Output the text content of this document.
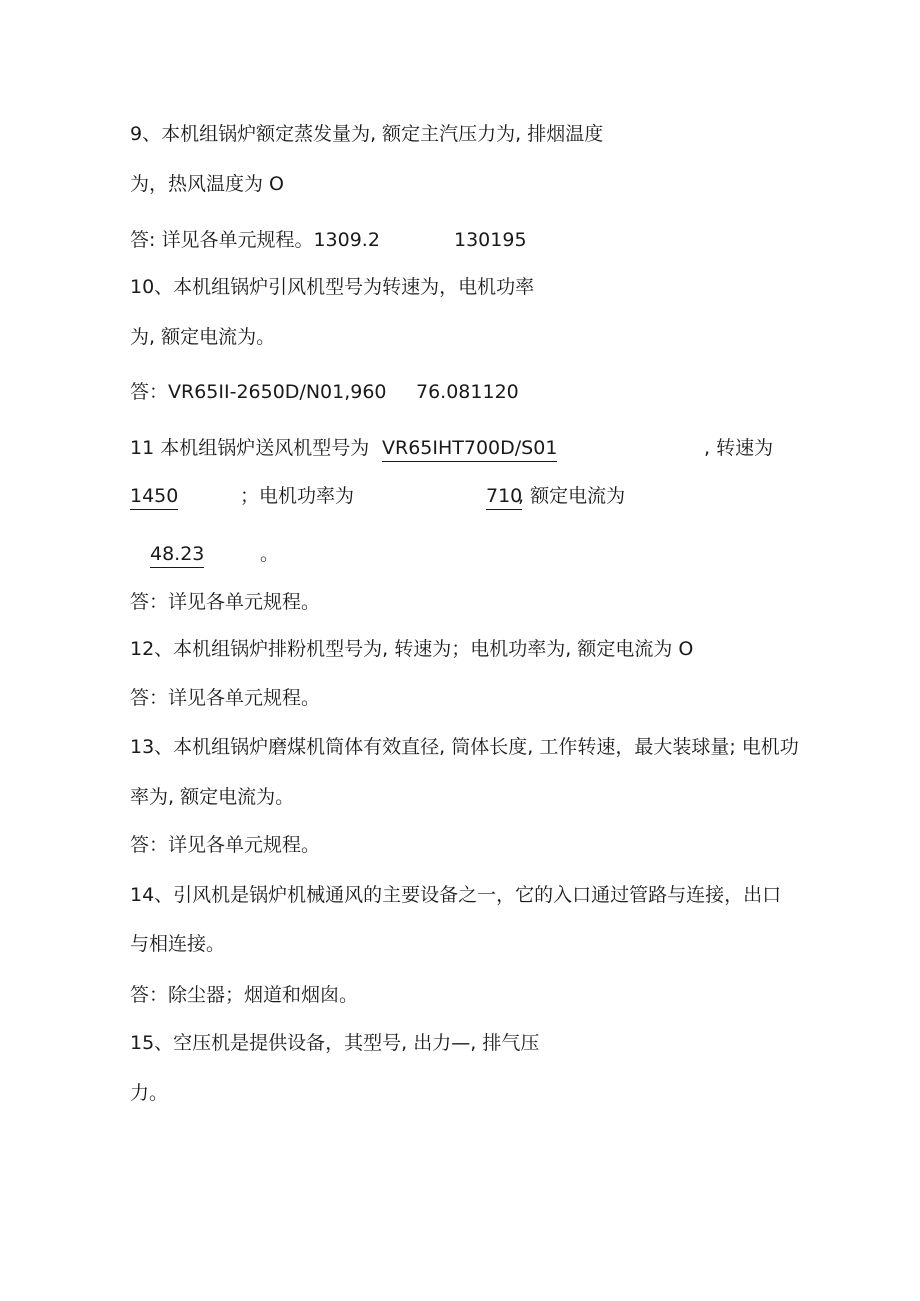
9、本机组锅炉额定蒸发量为, 额定主汽压力为, 排烟温度
为，热风温度为 O
答: 详见各单元规程。1309.2	130195
10、本机组锅炉引风机型号为转速为，电机功率
为, 额定电流为。
答：VR65II-2650D/N01,960 76.081120
11 本机组锅炉送风机型号为 VR65IHT700D/S01	, 转速为
1450	；电机功率为	710
, 额定电流为
48.23	。
答：详见各单元规程。
12、本机组锅炉排粉机型号为, 转速为；电机功率为, 额定电流为 O
答：详见各单元规程。
13、本机组锅炉磨煤机筒体有效直径, 筒体长度, 工作转速，最大装球量; 电机功
率为, 额定电流为。
答：详见各单元规程。
14、引风机是锅炉机械通风的主要设备之一，它的入口通过管路与连接，出口
与相连接。
答：除尘器；烟道和烟囱。
15、空压机是提供设备，其型号, 出力—, 排气压
力。
